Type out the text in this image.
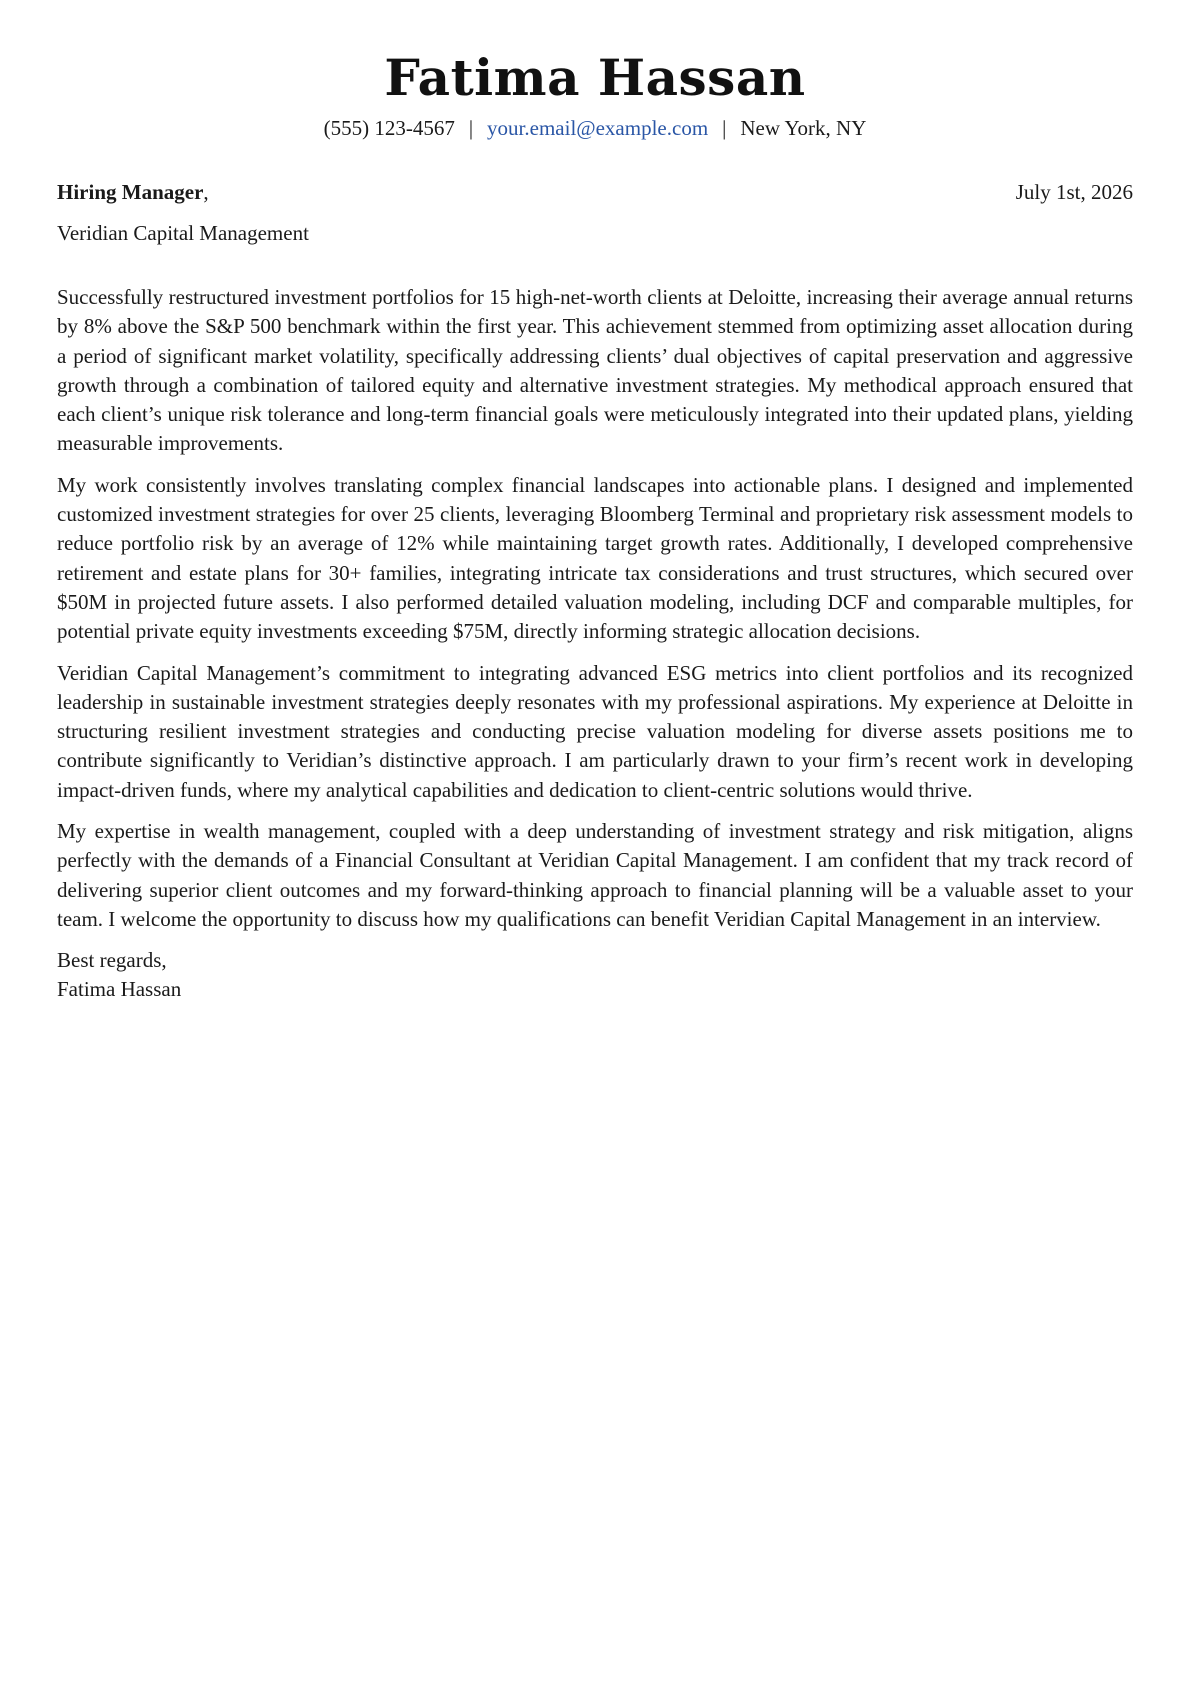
Fatima Hassan
(555) 123-4567 | your.email@example.com | New York, NY
Hiring Manager,	July 1st, 2026
Veridian Capital Management

Successfully restructured investment portfolios for 15 high-net-worth clients at Deloitte, increasing their average annual returns by 8% above the S&P 500 benchmark within the first year. This achievement stemmed from optimizing asset allocation during a period of significant market volatility, specifically addressing clients’ dual objectives of capital preservation and aggressive growth through a combination of tailored equity and alternative investment strategies. My methodical approach ensured that each client’s unique risk tolerance and long-term financial goals were meticulously integrated into their updated plans, yielding measurable improvements.

My work consistently involves translating complex financial landscapes into actionable plans. I designed and implemented customized investment strategies for over 25 clients, leveraging Bloomberg Terminal and proprietary risk assessment models to reduce portfolio risk by an average of 12% while maintaining target growth rates. Additionally, I developed comprehensive retirement and estate plans for 30+ families, integrating intricate tax considerations and trust structures, which secured over $50M in projected future assets. I also performed detailed valuation modeling, including DCF and comparable multiples, for potential private equity investments exceeding $75M, directly informing strategic allocation decisions.

Veridian Capital Management’s commitment to integrating advanced ESG metrics into client portfolios and its recognized leadership in sustainable investment strategies deeply resonates with my professional aspirations. My experience at Deloitte in structuring resilient investment strategies and conducting precise valuation modeling for diverse assets positions me to contribute significantly to Veridian’s distinctive approach. I am particularly drawn to your firm’s recent work in developing impact-driven funds, where my analytical capabilities and dedication to client-centric solutions would thrive.

My expertise in wealth management, coupled with a deep understanding of investment strategy and risk mitigation, aligns perfectly with the demands of a Financial Consultant at Veridian Capital Management. I am confident that my track record of delivering superior client outcomes and my forward-thinking approach to financial planning will be a valuable asset to your team. I welcome the opportunity to discuss how my qualifications can benefit Veridian Capital Management in an interview.

Best regards,
Fatima Hassan
